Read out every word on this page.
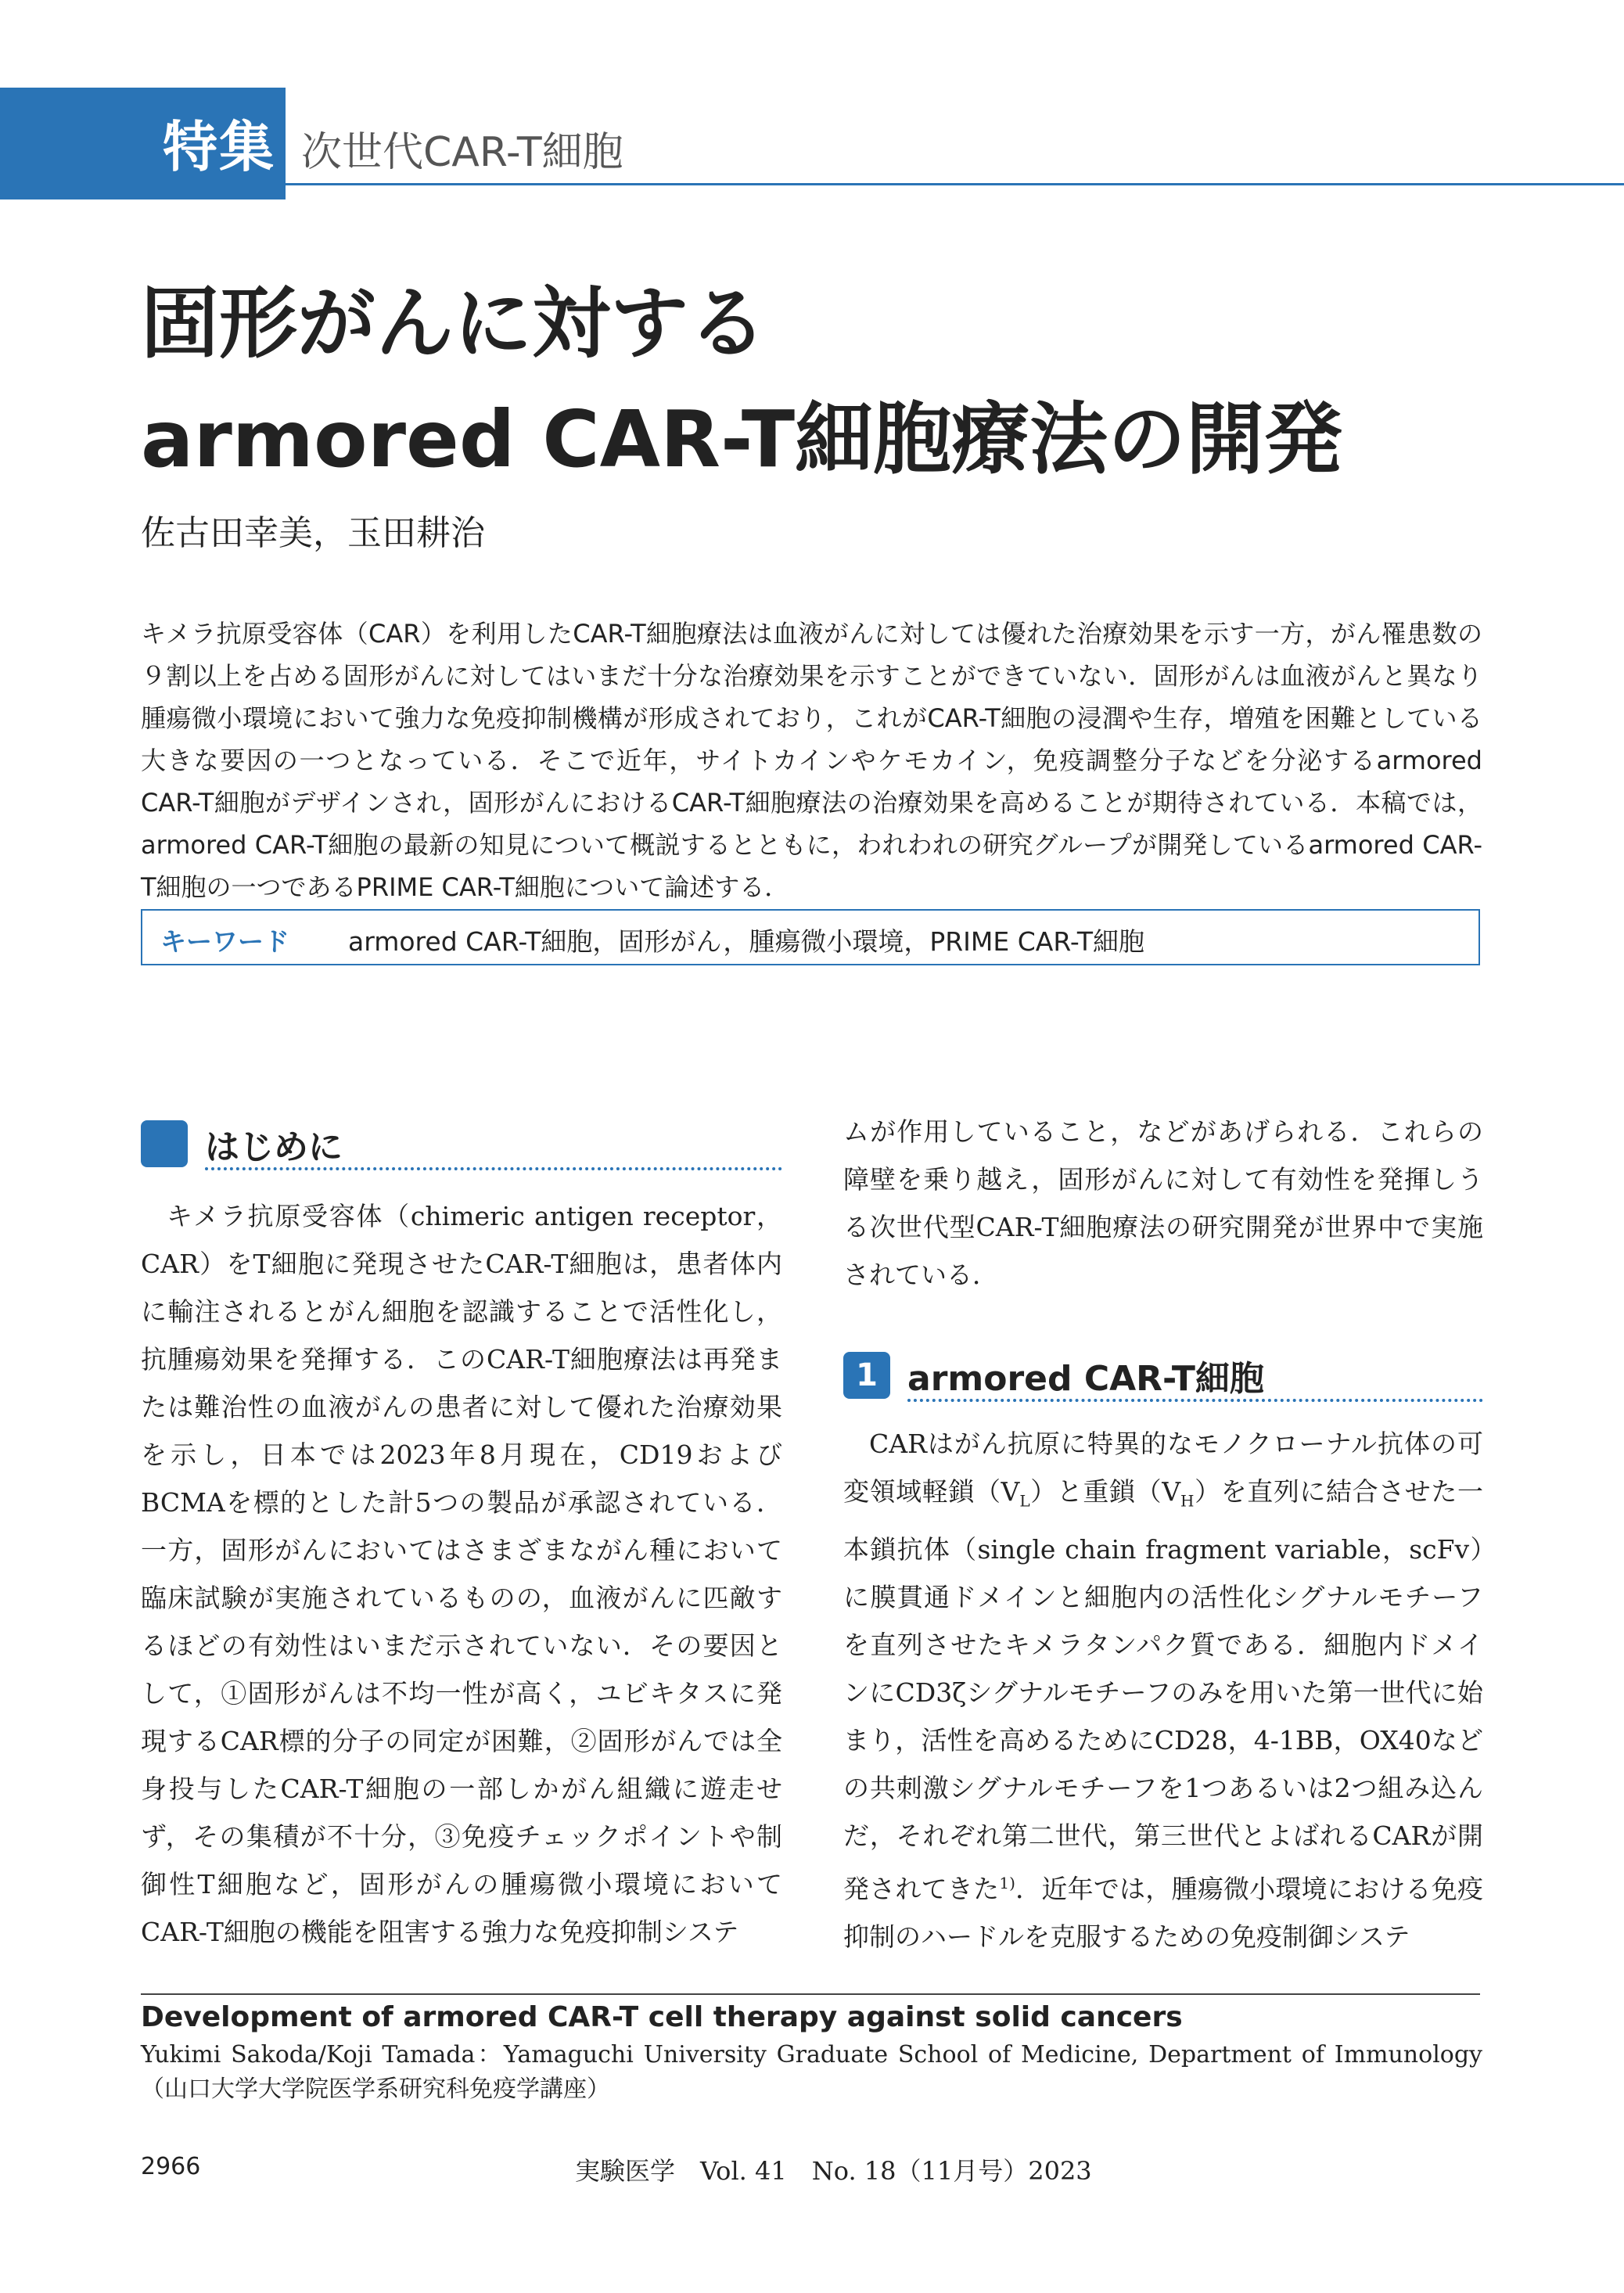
特集 次世代CAR-T細胞
固形がんに対する
armored CAR-T細胞療法の開発
佐古田幸美，玉田耕治
キメラ抗原受容体（CAR）を利用したCAR-T細胞療法は血液がんに対しては優れた治療効果を示す一方，がん罹患数の９割以上を占める固形がんに対してはいまだ十分な治療効果を示すことができていない．固形がんは血液がんと異なり腫瘍微小環境において強力な免疫抑制機構が形成されており，これがCAR-T細胞の浸潤や生存，増殖を困難としている大きな要因の一つとなっている．そこで近年，サイトカインやケモカイン，免疫調整分子などを分泌するarmored CAR-T細胞がデザインされ，固形がんにおけるCAR-T細胞療法の治療効果を高めることが期待されている．本稿では，armored CAR-T細胞の最新の知見について概説するとともに，われわれの研究グループが開発しているarmored CAR-T細胞の一つであるPRIME CAR-T細胞について論述する．
キーワード armored CAR-T細胞，固形がん，腫瘍微小環境，PRIME CAR-T細胞
はじめに

キメラ抗原受容体（chimeric antigen receptor，CAR）をT細胞に発現させたCAR-T細胞は，患者体内に輸注されるとがん細胞を認識することで活性化し，抗腫瘍効果を発揮する．このCAR-T細胞療法は再発または難治性の血液がんの患者に対して優れた治療効果を示し，日本では2023年8月現在，CD19およびBCMAを標的とした計5つの製品が承認されている．一方，固形がんにおいてはさまざまながん種において臨床試験が実施されているものの，血液がんに匹敵するほどの有効性はいまだ示されていない．その要因として，①固形がんは不均一性が高く，ユビキタスに発現するCAR標的分子の同定が困難，②固形がんでは全身投与したCAR-T細胞の一部しかがん組織に遊走せず，その集積が不十分，③免疫チェックポイントや制御性T細胞など，固形がんの腫瘍微小環境においてCAR-T細胞の機能を阻害する強力な免疫抑制システ

ムが作用していること，などがあげられる．これらの障壁を乗り越え，固形がんに対して有効性を発揮しうる次世代型CAR-T細胞療法の研究開発が世界中で実施されている．

1 armored CAR-T細胞

CARはがん抗原に特異的なモノクローナル抗体の可変領域軽鎖$(V_L)$と重鎖$(V_H)$を直列に結合させた一本鎖抗体（single chain fragment variable，scFv）に膜貫通ドメインと細胞内の活性化シグナルモチーフを直列させたキメラタンパク質である．細胞内ドメインにCD3ζシグナルモチーフのみを用いた第一世代に始まり，活性を高めるためにCD28，4-1BB，OX40などの共刺激シグナルモチーフを1つあるいは2つ組み込んだ，それぞれ第二世代，第三世代とよばれるCARが開発されてきた$^{1)}$．近年では，腫瘍微小環境における免疫抑制のハードルを克服するための免疫制御システ

Development of armored CAR-T cell therapy against solid cancers
Yukimi Sakoda/Koji Tamada：Yamaguchi University Graduate School of Medicine, Department of Immunology（山口大学大学院医学系研究科免疫学講座）
2966	実験医学　Vol. 41　No. 18（11月号）2023
